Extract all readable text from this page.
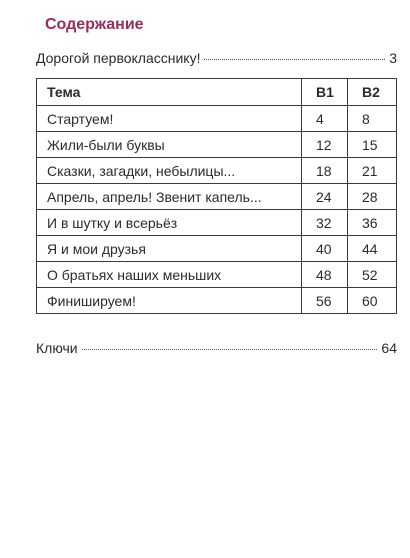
Содержание
Дорогой первокласснику!	3
Тема	В1	В2
Стартуем!	4	8
Жили-были буквы	12	15
Сказки, загадки, небылицы...	18	21
Апрель, апрель! Звенит капель...	24	28
И в шутку и всерьёз	32	36
Я и мои друзья	40	44
О братьях наших меньших	48	52
Финишируем!	56	60
Ключи	64
